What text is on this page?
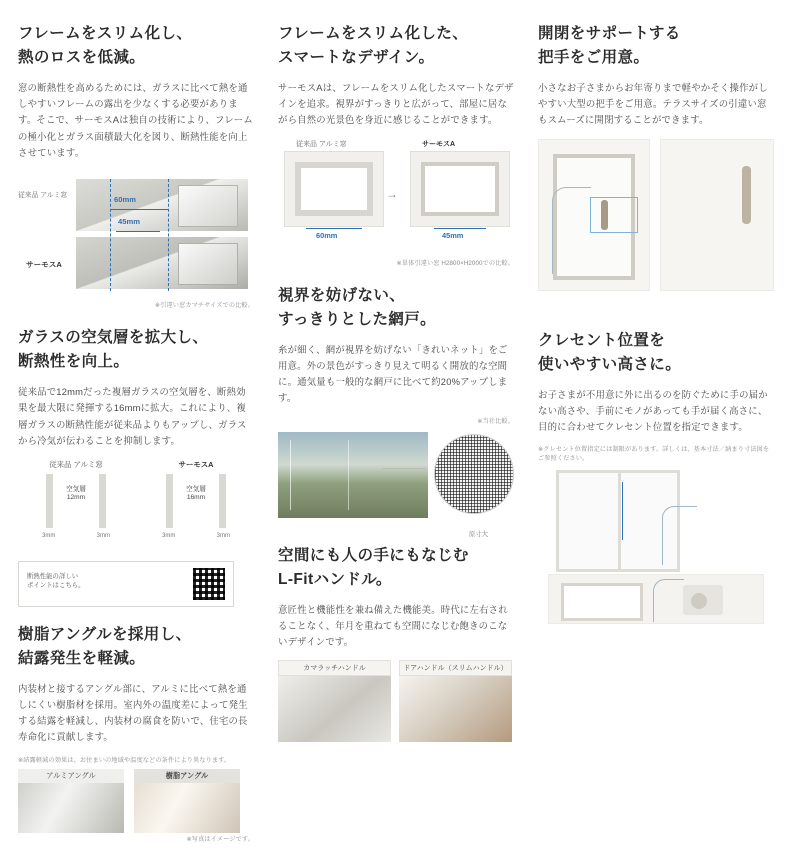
フレームをスリム化し、
熱のロスを低減。

窓の断熱性を高めるためには、ガラスに比べて熱を通しやすいフレームの露出を少なくする必要があります。そこで、サーモスAは独自の技術により、フレームの極小化とガラス面積最大化を図り、断熱性能を向上させています。

従来品 アルミ窓
サーモスA
60mm
45mm

※引違い窓カマチサイズでの比較。

ガラスの空気層を拡大し、
断熱性を向上。

従来品で12mmだった複層ガラスの空気層を、断熱効果を最大限に発揮する16mmに拡大。これにより、複層ガラスの断熱性能が従来品よりもアップし、ガラスから冷気が伝わることを抑制します。

従来品 アルミ窓
空気層
12mm
3mm	3mm
サーモスA
空気層
16mm
3mm	3mm
断熱性能の詳しい
ポイントはこちら。
樹脂アングルを採用し、
結露発生を軽減。

内装材と接するアングル部に、アルミに比べて熱を通しにくい樹脂材を採用。室内外の温度差によって発生する結露を軽減し、内装材の腐食を防いで、住宅の長寿命化に貢献します。

※結露軽減の効果は、お住まいの地域や温度などの条件により異なります。

アルミアングル	樹脂アングル

※写真はイメージです。

フレームをスリム化した、
スマートなデザイン。

サーモスAは、フレームをスリム化したスマートなデザインを追求。視界がすっきりと広がって、部屋に居ながら自然の光景色を身近に感じることができます。

従来品 アルミ窓	サーモスA
→
60mm	45mm

※単体引違い窓 H2800×H2000での比較。

視界を妨げない、
すっきりとした網戸。

糸が細く、網が視界を妨げない「きれいネット」をご用意。外の景色がすっきり見えて明るく開放的な空間に。通気量も一般的な網戸に比べて約20%アップします。

※当社比較。

原寸大
空間にも人の手にもなじむ
L-Fitハンドル。

意匠性と機能性を兼ね備えた機能美。時代に左右されることなく、年月を重ねても空間になじむ飽きのこないデザインです。

カマラッチハンドル	ドアハンドル（スリムハンドル）
開閉をサポートする
把手をご用意。

小さなお子さまからお年寄りまで軽やかそく操作がしやすい大型の把手をご用意。テラスサイズの引違い窓もスムーズに開閉することができます。

クレセント位置を
使いやすい高さに。

お子さまが不用意に外に出るのを防ぐために手の届かない高さや、手前にモノがあっても手が届く高さに、目的に合わせてクレセント位置を指定できます。

※クレセント位置指定には制限があります。詳しくは、基本寸法／納まり寸法図をご参照ください。
